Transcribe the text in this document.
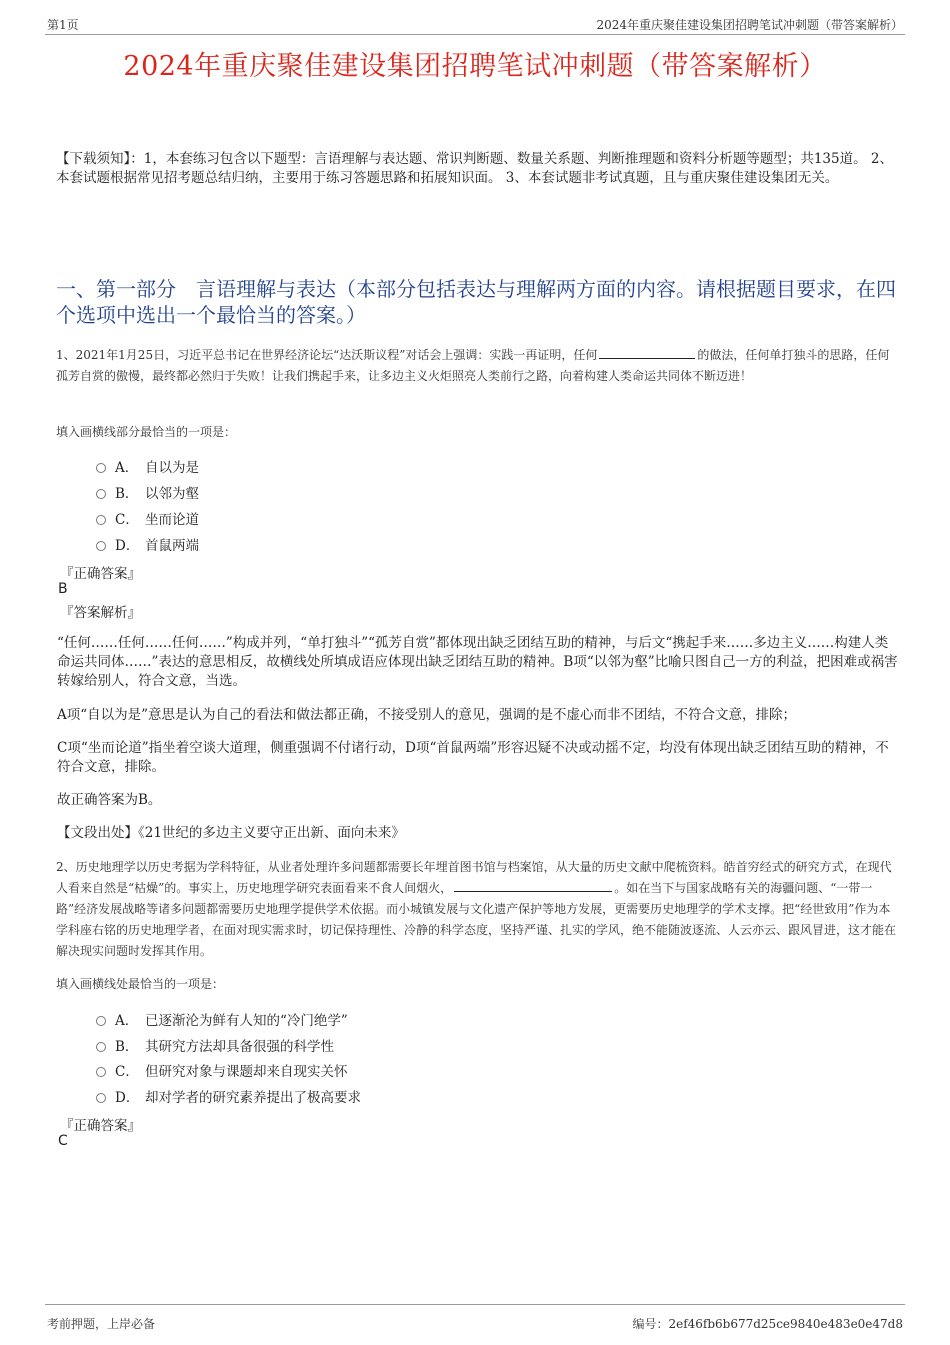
第1页	2024年重庆聚佳建设集团招聘笔试冲刺题（带答案解析）
2024年重庆聚佳建设集团招聘笔试冲刺题（带答案解析）
【下载须知】：1，本套练习包含以下题型：言语理解与表达题、常识判断题、数量关系题、判断推理题和资料分析题等题型；共135道。 2、本套试题根据常见招考题总结归纳，主要用于练习答题思路和拓展知识面。 3、本套试题非考试真题，且与重庆聚佳建设集团无关。
一、第一部分　言语理解与表达（本部分包括表达与理解两方面的内容。请根据题目要求，在四个选项中选出一个最恰当的答案。）
1、2021年1月25日，习近平总书记在世界经济论坛“达沃斯议程”对话会上强调：实践一再证明，任何	的做法，任何单打独斗的思路，任何孤芳自赏的傲慢，最终都必然归于失败！让我们携起手来，让多边主义火炬照亮人类前行之路，向着构建人类命运共同体不断迈进！
填入画横线部分最恰当的一项是：
A． 自以为是
B． 以邻为壑
C． 坐而论道
D． 首鼠两端
『正确答案』
B
『答案解析』
“任何……任何……任何……”构成并列，“单打独斗”“孤芳自赏”都体现出缺乏团结互助的精神，与后文“携起手来……多边主义……构建人类命运共同体……”表达的意思相反，故横线处所填成语应体现出缺乏团结互助的精神。B项“以邻为壑”比喻只图自己一方的利益，把困难或祸害转嫁给别人，符合文意，当选。
A项“自以为是”意思是认为自己的看法和做法都正确，不接受别人的意见，强调的是不虚心而非不团结，不符合文意，排除；
C项“坐而论道”指坐着空谈大道理，侧重强调不付诸行动，D项“首鼠两端”形容迟疑不决或动摇不定，均没有体现出缺乏团结互助的精神，不符合文意，排除。
故正确答案为B。
【文段出处】《21世纪的多边主义要守正出新、面向未来》
2、历史地理学以历史考据为学科特征，从业者处理许多问题都需要长年埋首图书馆与档案馆，从大量的历史文献中爬梳资料。皓首穷经式的研究方式，在现代人看来自然是“枯燥”的。事实上，历史地理学研究表面看来不食人间烟火，	。如在当下与国家战略有关的海疆问题、“一带一路”经济发展战略等诸多问题都需要历史地理学提供学术依据。而小城镇发展与文化遗产保护等地方发展，更需要历史地理学的学术支撑。把“经世致用”作为本学科座右铭的历史地理学者，在面对现实需求时，切记保持理性、冷静的科学态度，坚持严谨、扎实的学风，绝不能随波逐流、人云亦云、跟风冒进，这才能在解决现实问题时发挥其作用。
填入画横线处最恰当的一项是：
A． 已逐渐沦为鲜有人知的“冷门绝学”
B． 其研究方法却具备很强的科学性
C． 但研究对象与课题却来自现实关怀
D． 却对学者的研究素养提出了极高要求
『正确答案』
C
考前押题，上岸必备	编号：2ef46fb6b677d25ce9840e483e0e47d8
